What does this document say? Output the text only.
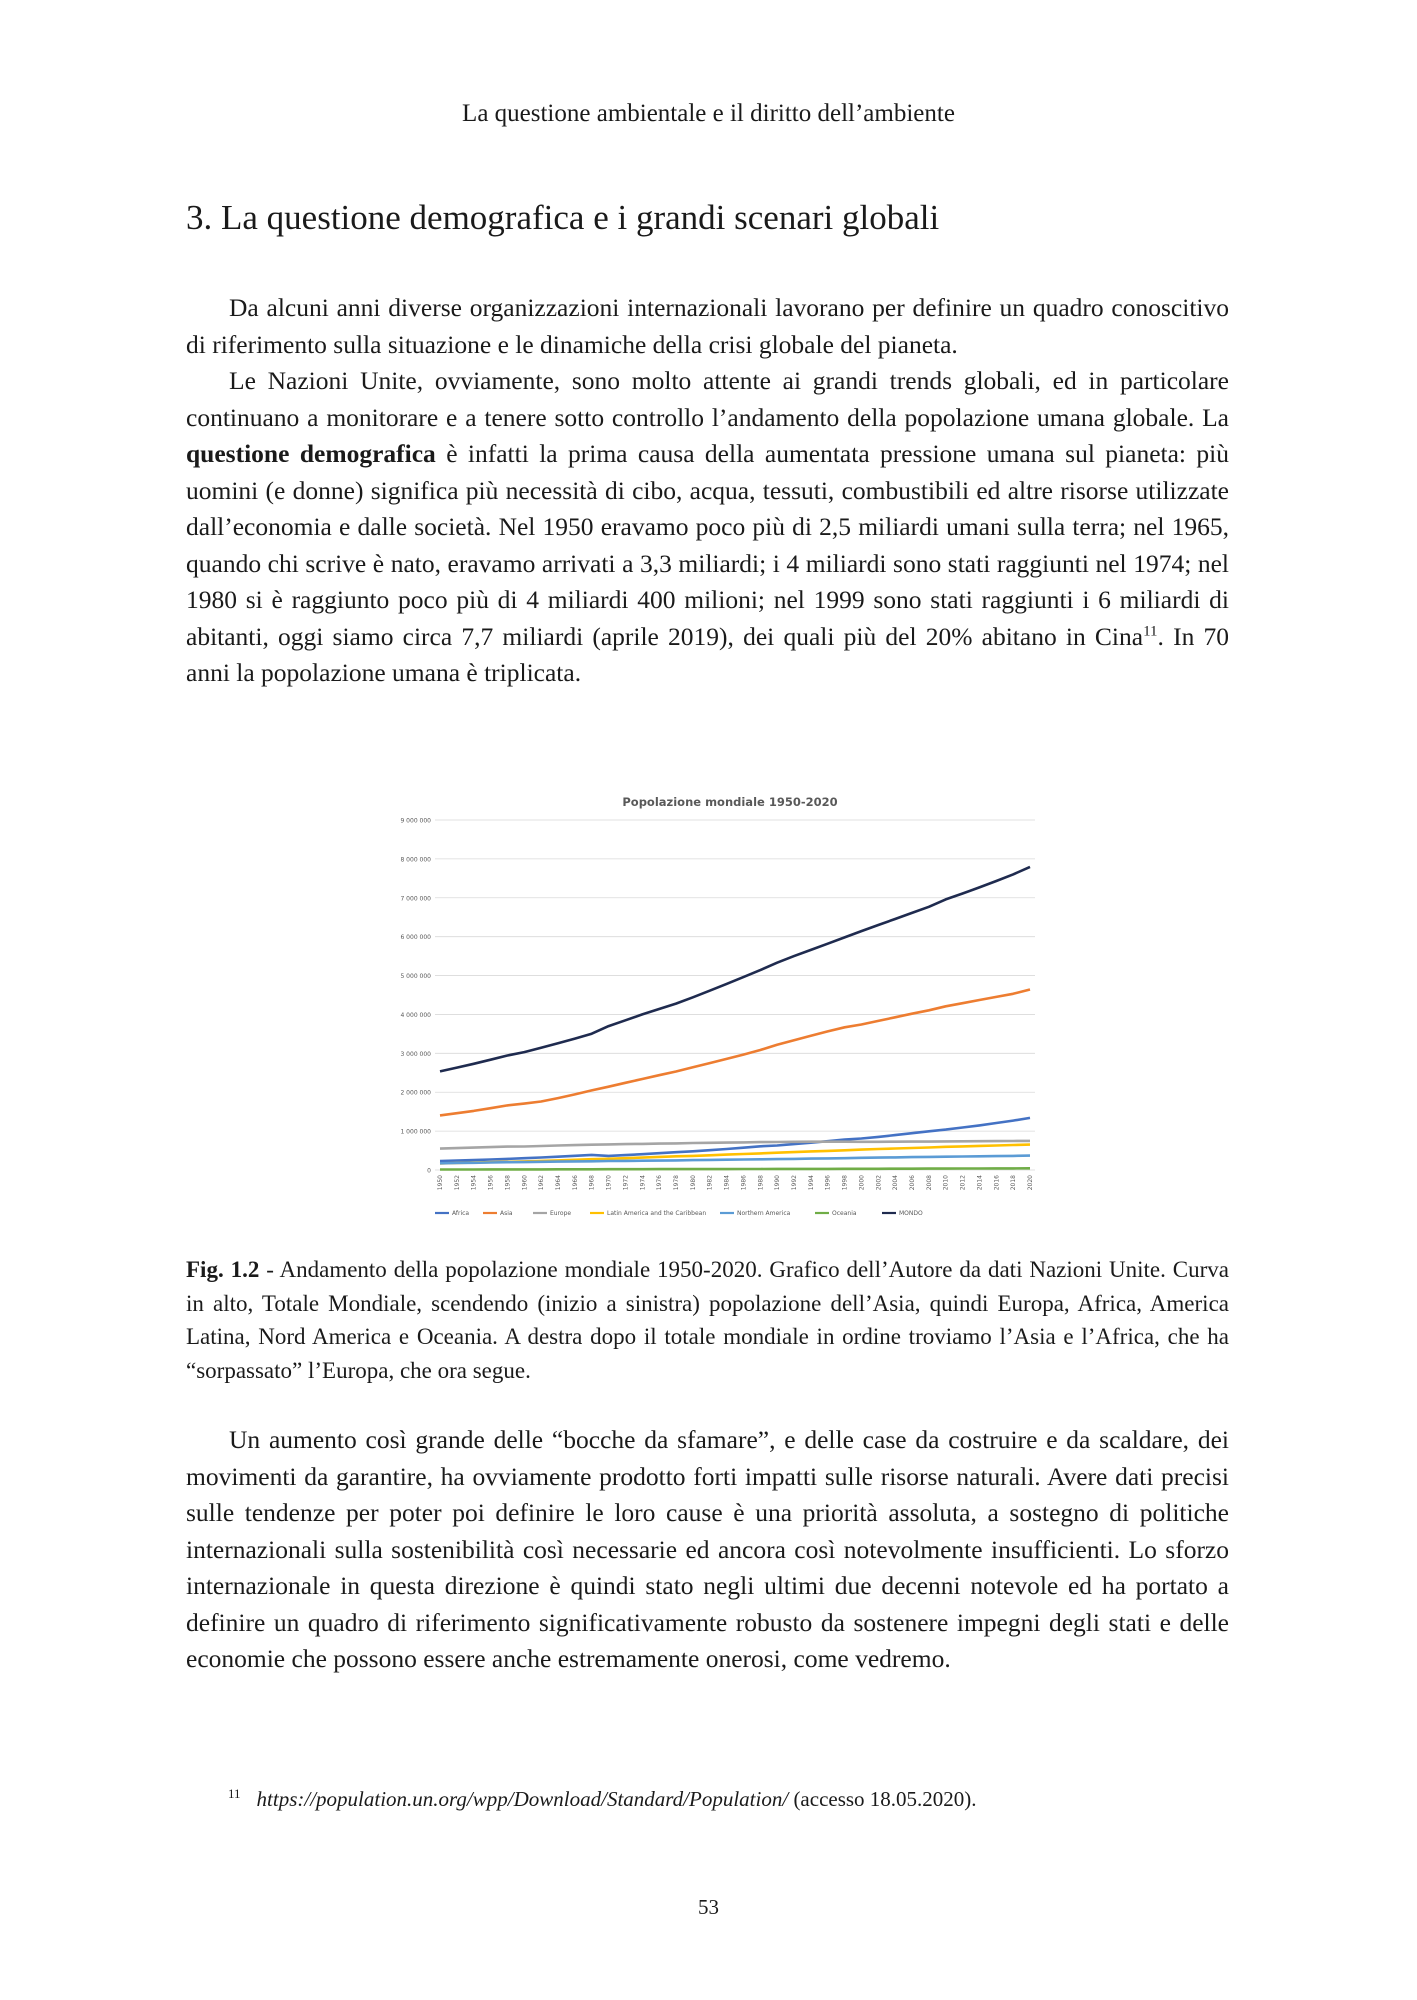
La questione ambientale e il diritto dell’ambiente
3. La questione demografica e i grandi scenari globali

Da alcuni anni diverse organizzazioni internazionali lavorano per definire un quadro conoscitivo di riferimento sulla situazione e le dinamiche della crisi globale del pianeta.

Le Nazioni Unite, ovviamente, sono molto attente ai grandi trends globali, ed in particolare continuano a monitorare e a tenere sotto controllo l’andamento della popolazione umana globale. La questione demografica è infatti la prima causa della aumentata pressione umana sul pianeta: più uomini (e donne) significa più necessità di cibo, acqua, tessuti, combustibili ed altre risorse utilizzate dall’economia e dalle società. Nel 1950 eravamo poco più di 2,5 miliardi umani sulla terra; nel 1965, quando chi scrive è nato, eravamo arrivati a 3,3 miliardi; i 4 miliardi sono stati raggiunti nel 1974; nel 1980 si è raggiunto poco più di 4 miliardi 400 milioni; nel 1999 sono stati raggiunti i 6 miliardi di abitanti, oggi siamo circa 7,7 miliardi (aprile 2019), dei quali più del 20% abitano in Cina$^{11}$. In 70 anni la popolazione umana è triplicata.

Popolazione mondiale 1950-2020
0
1 000 000
2 000 000
3 000 000
4 000 000
5 000 000
6 000 000
7 000 000
8 000 000
9 000 000
1950 1952 1954 1956 1958 1960 1962 1964 1966 1968 1970 1972 1974 1976 1978 1980 1982 1984 1986 1988 1990 1992 1994 1996 1998 2000 2002 2004 2006 2008 2010 2012 2014 2016 2018 2020
Africa	Asia	Europe	Latin America and the Caribbean	Northern America	Oceania	MONDO
Fig. 1.2 - Andamento della popolazione mondiale 1950-2020. Grafico dell’Autore da dati Nazioni Unite. Curva in alto, Totale Mondiale, scendendo (inizio a sinistra) popolazione dell’Asia, quindi Europa, Africa, America Latina, Nord America e Oceania. A destra dopo il totale mondiale in ordine troviamo l’Asia e l’Africa, che ha “sorpassato” l’Europa, che ora segue.

Un aumento così grande delle “bocche da sfamare”, e delle case da costruire e da scaldare, dei movimenti da garantire, ha ovviamente prodotto forti impatti sulle risorse naturali. Avere dati precisi sulle tendenze per poter poi definire le loro cause è una priorità assoluta, a sostegno di politiche internazionali sulla sostenibilità così necessarie ed ancora così notevolmente insufficienti. Lo sforzo internazionale in questa direzione è quindi stato negli ultimi due decenni notevole ed ha portato a definire un quadro di riferimento significativamente robusto da sostenere impegni degli stati e delle economie che possono essere anche estremamente onerosi, come vedremo.

$^{11}$ https://population.un.org/wpp/Download/Standard/Population/ (accesso 18.05.2020).
53
